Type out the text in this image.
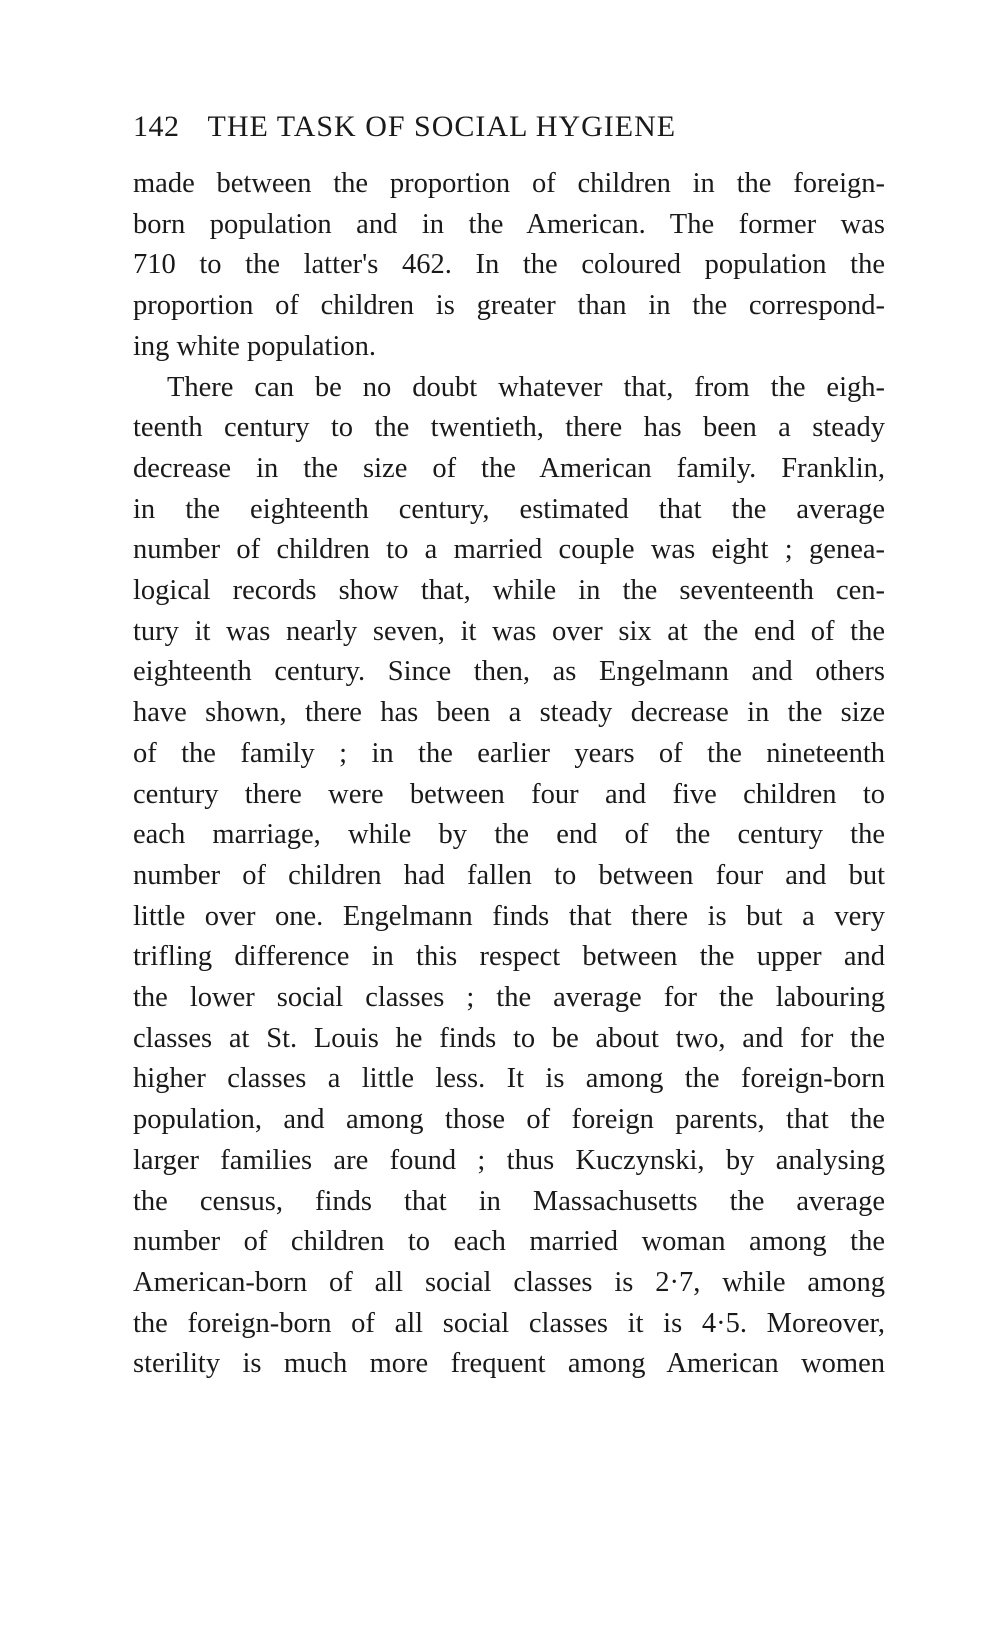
142 THE TASK OF SOCIAL HYGIENE
made between the proportion of children in the foreign-
born population and in the American. The former was
710 to the latter's 462. In the coloured population the
proportion of children is greater than in the correspond-
ing white population.
There can be no doubt whatever that, from the eigh-
teenth century to the twentieth, there has been a steady
decrease in the size of the American family. Franklin,
in the eighteenth century, estimated that the average
number of children to a married couple was eight ; genea-
logical records show that, while in the seventeenth cen-
tury it was nearly seven, it was over six at the end of the
eighteenth century. Since then, as Engelmann and others
have shown, there has been a steady decrease in the size
of the family ; in the earlier years of the nineteenth
century there were between four and five children to
each marriage, while by the end of the century the
number of children had fallen to between four and but
little over one. Engelmann finds that there is but a very
trifling difference in this respect between the upper and
the lower social classes ; the average for the labouring
classes at St. Louis he finds to be about two, and for the
higher classes a little less. It is among the foreign-born
population, and among those of foreign parents, that the
larger families are found ; thus Kuczynski, by analysing
the census, finds that in Massachusetts the average
number of children to each married woman among the
American-born of all social classes is 2·7, while among
the foreign-born of all social classes it is 4·5. Moreover,
sterility is much more frequent among American women
